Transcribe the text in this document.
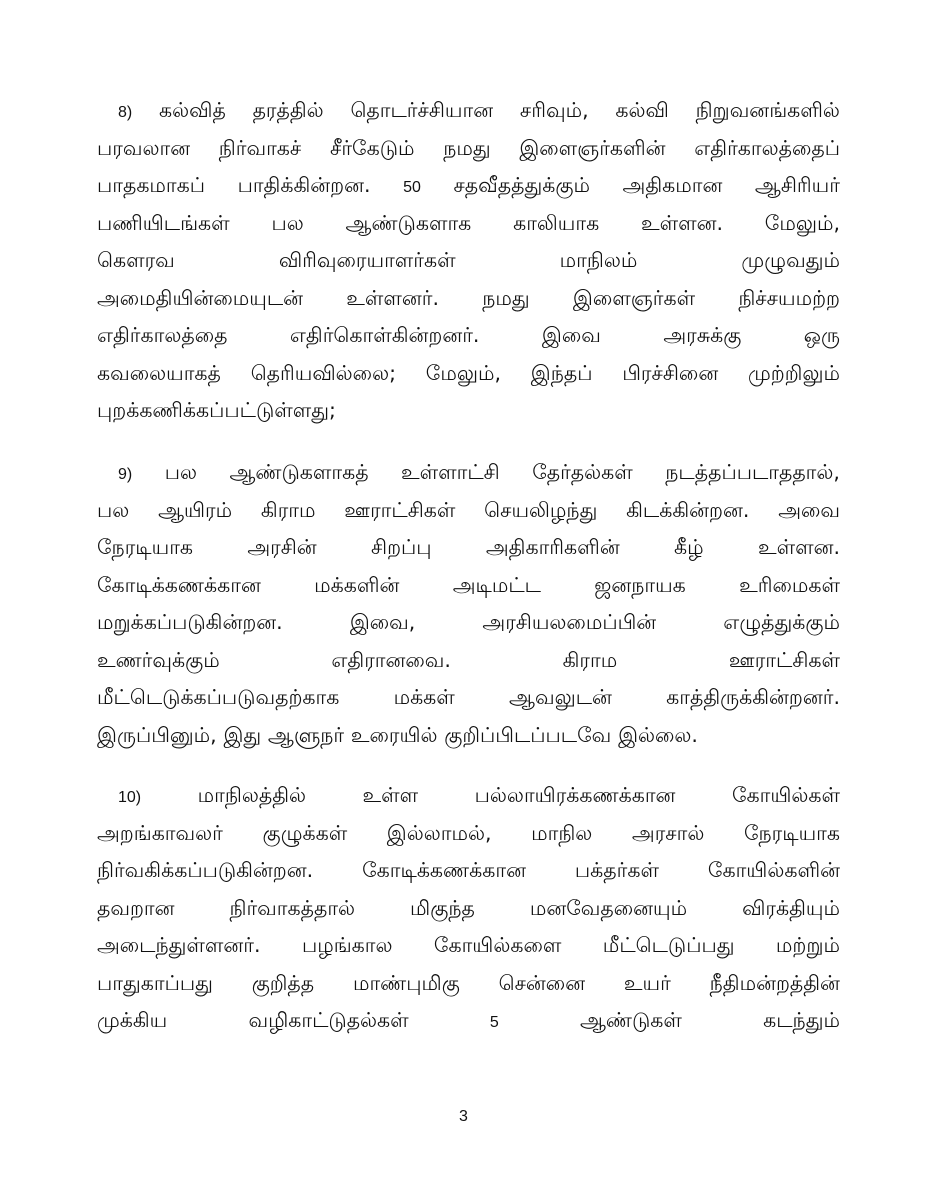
8) கல்வித் தரத்தில் தொடர்ச்சியான சரிவும், கல்வி நிறுவனங்களில்
பரவலான நிர்வாகச் சீர்கேடும் நமது இளைஞர்களின் எதிர்காலத்தைப்
பாதகமாகப் பாதிக்கின்றன. 50 சதவீதத்துக்கும் அதிகமான ஆசிரியர்
பணியிடங்கள் பல ஆண்டுகளாக காலியாக உள்ளன. மேலும்,
கௌரவ	விரிவுரையாளர்கள்	மாநிலம்	முழுவதும்
அமைதியின்மையுடன் உள்ளனர். நமது இளைஞர்கள் நிச்சயமற்ற
எதிர்காலத்தை	எதிர்கொள்கின்றனர்.	இவை	அரசுக்கு	ஒரு
கவலையாகத் தெரியவில்லை; மேலும், இந்தப் பிரச்சினை முற்றிலும்
புறக்கணிக்கப்பட்டுள்ளது;
9) பல ஆண்டுகளாகத் உள்ளாட்சி தேர்தல்கள் நடத்தப்படாததால்,
பல ஆயிரம் கிராம ஊராட்சிகள் செயலிழந்து கிடக்கின்றன. அவை
நேரடியாக	அரசின்	சிறப்பு	அதிகாரிகளின்	கீழ்	உள்ளன.
கோடிக்கணக்கான	மக்களின்	அடிமட்ட	ஜனநாயக	உரிமைகள்
மறுக்கப்படுகின்றன.	இவை,	அரசியலமைப்பின்	எழுத்துக்கும்
உணர்வுக்கும்	எதிரானவை.	கிராம	ஊராட்சிகள்
மீட்டெடுக்கப்படுவதற்காக	மக்கள்	ஆவலுடன்	காத்திருக்கின்றனர்.
இருப்பினும், இது ஆளுநர் உரையில் குறிப்பிடப்படவே இல்லை.
10)	மாநிலத்தில்	உள்ள	பல்லாயிரக்கணக்கான	கோயில்கள்
அறங்காவலர் குழுக்கள் இல்லாமல், மாநில அரசால் நேரடியாக
நிர்வகிக்கப்படுகின்றன. கோடிக்கணக்கான பக்தர்கள் கோயில்களின்
தவறான	நிர்வாகத்தால்	மிகுந்த	மனவேதனையும்	விரக்தியும்
அடைந்துள்ளனர். பழங்கால கோயில்களை மீட்டெடுப்பது மற்றும்
பாதுகாப்பது குறித்த மாண்புமிகு சென்னை உயர் நீதிமன்றத்தின்
முக்கிய	வழிகாட்டுதல்கள்	5	ஆண்டுகள்	கடந்தும்
3
